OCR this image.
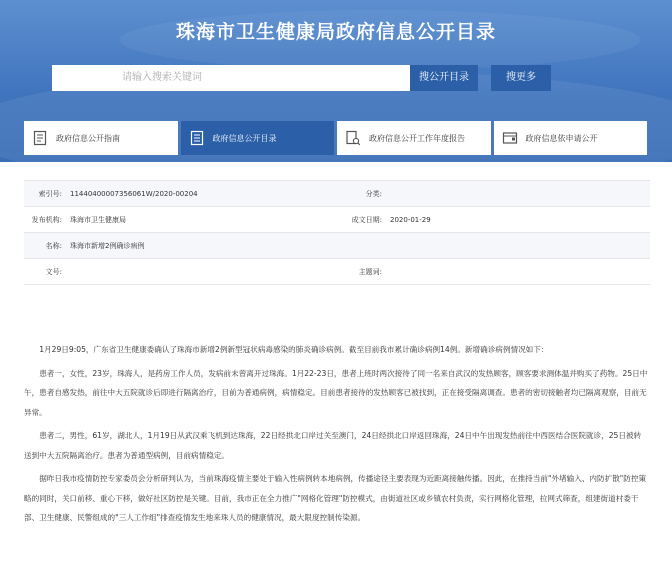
珠海市卫生健康局政府信息公开目录
请输入搜索关键词	搜公开目录	搜更多
政府信息公开指南	政府信息公开目录	政府信息公开工作年度报告	政府信息依申请公开
索引号:	11440400007356061W/2020-00204	分类:
发布机构:	珠海市卫生健康局	成文日期:	2020-01-29
名称:	珠海市新增2例确诊病例
文号:	主题词:

1月29日9:05，广东省卫生健康委确认了珠海市新增2例新型冠状病毒感染的肺炎确诊病例。截至目前我市累计确诊病例14例。新增确诊病例情况如下：

患者一，女性，23岁，珠海人，是药房工作人员，发病前未曾离开过珠海。1月22-23日，患者上班时两次接待了同一名来自武汉的发热顾客，顾客要求测体温并购买了药物。25日中午，患者自感发热，前往中大五院就诊后即进行隔离治疗，目前为普通病例，病情稳定。目前患者接待的发热顾客已被找到，正在接受隔离调查。患者的密切接触者均已隔离观察，目前无异常。

患者二，男性，61岁，湖北人，1月19日从武汉乘飞机到达珠海，22日经拱北口岸过关至澳门，24日经拱北口岸返回珠海，24日中午出现发热前往中西医结合医院就诊，25日被转送到中大五院隔离治疗。患者为普通型病例，目前病情稳定。

据昨日我市疫情防控专家委员会分析研判认为，当前珠海疫情主要处于输入性病例转本地病例，传播途径主要表现为近距离接触传播。因此，在推持当前"外堵输入、内防扩散"防控策略的同时，关口前移、重心下移，做好社区防控是关键。目前，我市正在全力推广"网格化管理"防控模式，由街道社区或乡镇农村负责，实行网格化管理，拉网式筛查，组建街道村委干部、卫生健康、民警组成的"三人工作组"排查疫情发生地来珠人员的健康情况，最大限度控制传染源。
